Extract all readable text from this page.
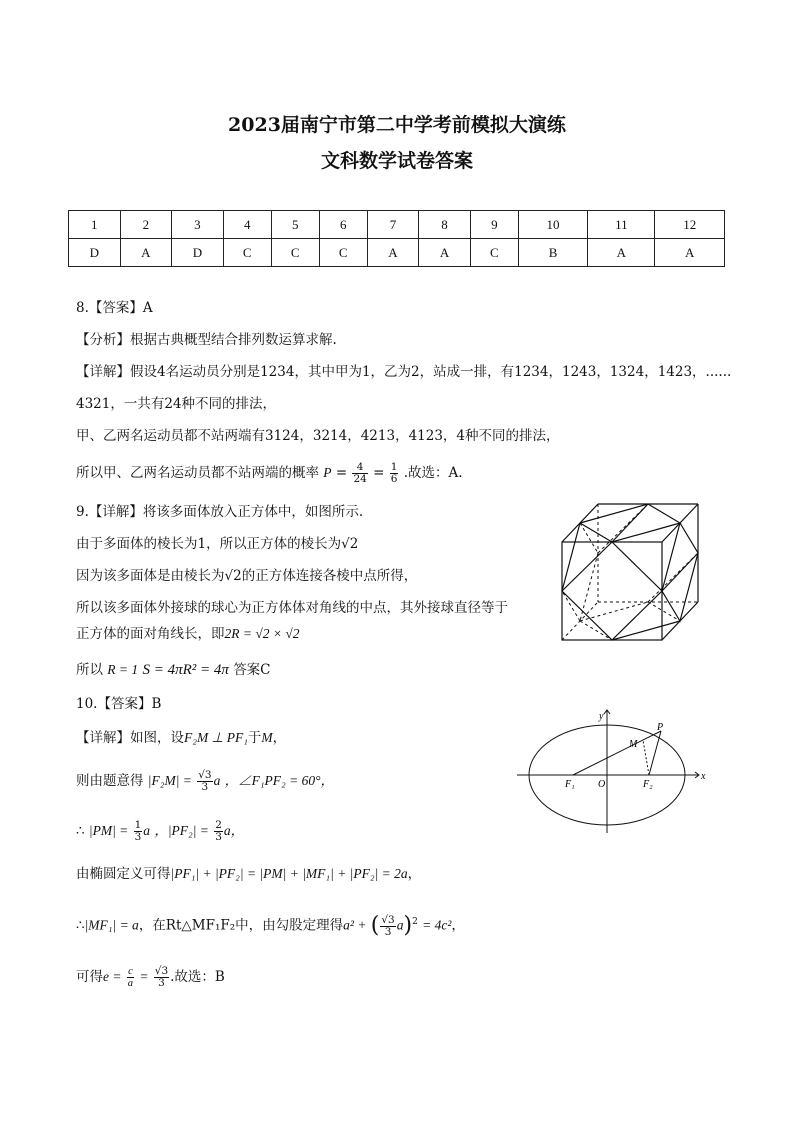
2023届南宁市第二中学考前模拟大演练
文科数学试卷答案
1	2	3	4	5	6	7	8	9	10	11	12
D	A	D	C	C	C	A	A	C	B	A	A
8.【答案】A
【分析】根据古典概型结合排列数运算求解.
【详解】假设4名运动员分别是1234，其中甲为1，乙为2，站成一排，有1234，1243，1324，1423，......
4321，一共有24种不同的排法，
甲、乙两名运动员都不站两端有3124，3214，4213，4123，4种不同的排法，
所以甲、乙两名运动员都不站两端的概率 $P = \frac{4}{24} = \frac{1}{6}$ .故选：A.
9.【详解】将该多面体放入正方体中，如图所示.
由于多面体的棱长为1，所以正方体的棱长为√2
因为该多面体是由棱长为√2的正方体连接各棱中点所得，
所以该多面体外接球的球心为正方体体对角线的中点，其外接球直径等于
正方体的面对角线长，即2R = √2 × √2
所以 R = 1 S = 4πR² = 4π 答案C
10.【答案】B
【详解】如图，设F₂M ⊥ PF₁于M，
则由题意得 $|F_2M| = \frac{√3}{3}$ a ，∠F₁PF₂ = 60°，
∴ $|PM| = \frac{1}{3}$ a ，$|PF_2| = \frac{2}{3}$ a，
由椭圆定义可得|PF₁| + |PF₂| = |PM| + |MF₁| + |PF₂| = 2a，
∴|MF₁| = a，在Rt△MF₁F₂中，由勾股定理得a² + ( $\frac{√3}{3} a)^2 = 4c^2$，
可得$e = \frac{c}{a} = \frac{√3}{3}$ .故选：B
x
y
O
F₁	F₂
M
P
